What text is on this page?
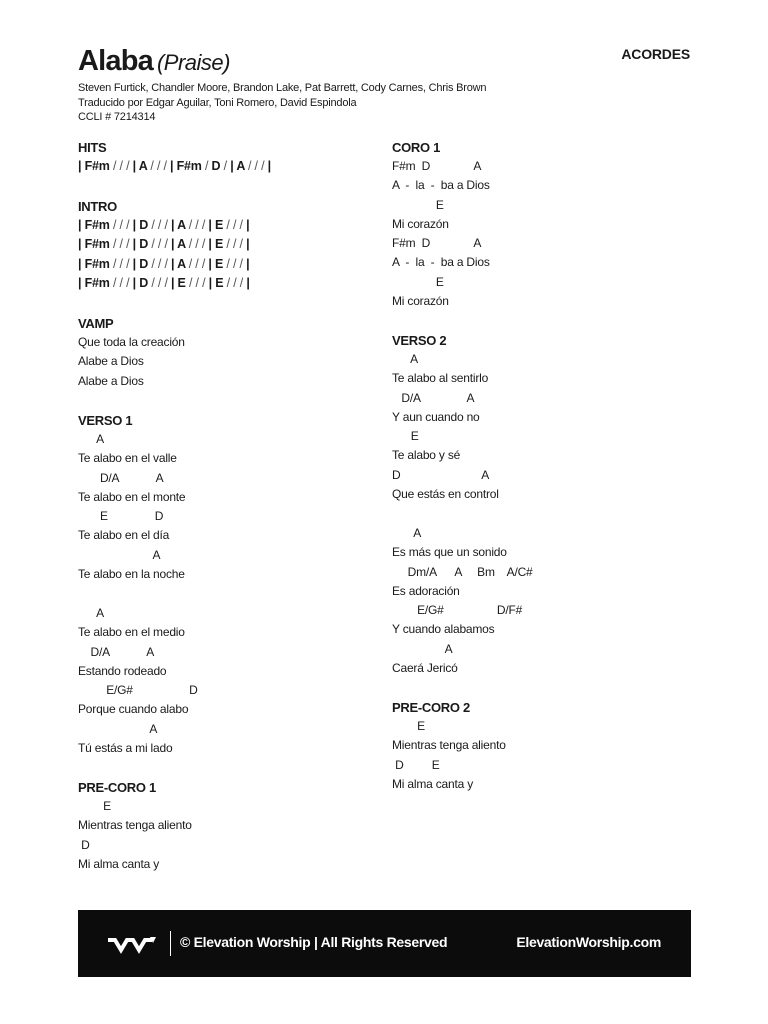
Alaba (Praise)	ACORDES
Steven Furtick, Chandler Moore, Brandon Lake, Pat Barrett, Cody Carnes, Chris Brown
Traducido por Edgar Aguilar, Toni Romero, David Espindola
CCLI # 7214314
HITS
| F#m / / / | A / / / | F#m / D / | A / / / |
INTRO
| F#m / / / | D / / / | A / / / | E / / / |
| F#m / / / | D / / / | A / / / | E / / / |
| F#m / / / | D / / / | A / / / | E / / / |
| F#m / / / | D / / / | E / / / | E / / / |
VAMP
Que toda la creación
Alabe a Dios
Alabe a Dios
VERSO 1
A
Te alabo en el valle
D/A            A
Te alabo en el monte
E               D
Te alabo en el día
A
Te alabo en la noche
A
Te alabo en el medio
D/A            A
Estando rodeado
E/G#                  D
Porque cuando alabo
A
Tú estás a mi lado
PRE-CORO 1
E
Mientras tenga aliento
D
Mi alma canta y
CORO 1
F#m  D              A
A  -  la  -  ba a Dios
E
Mi corazón
F#m  D              A
A  -  la  -  ba a Dios
E
Mi corazón
VERSO 2
A
Te alabo al sentirlo
D/A               A
Y aun cuando no
E
Te alabo y sé
D                          A
Que estás en control
A
Es más que un sonido
Dm/A      A     Bm    A/C#
Es adoración
E/G#                 D/F#
Y cuando alabamos
A
Caerá Jericó
PRE-CORO 2
E
Mientras tenga aliento
D         E
Mi alma canta y
© Elevation Worship | All Rights Reserved	ElevationWorship.com
